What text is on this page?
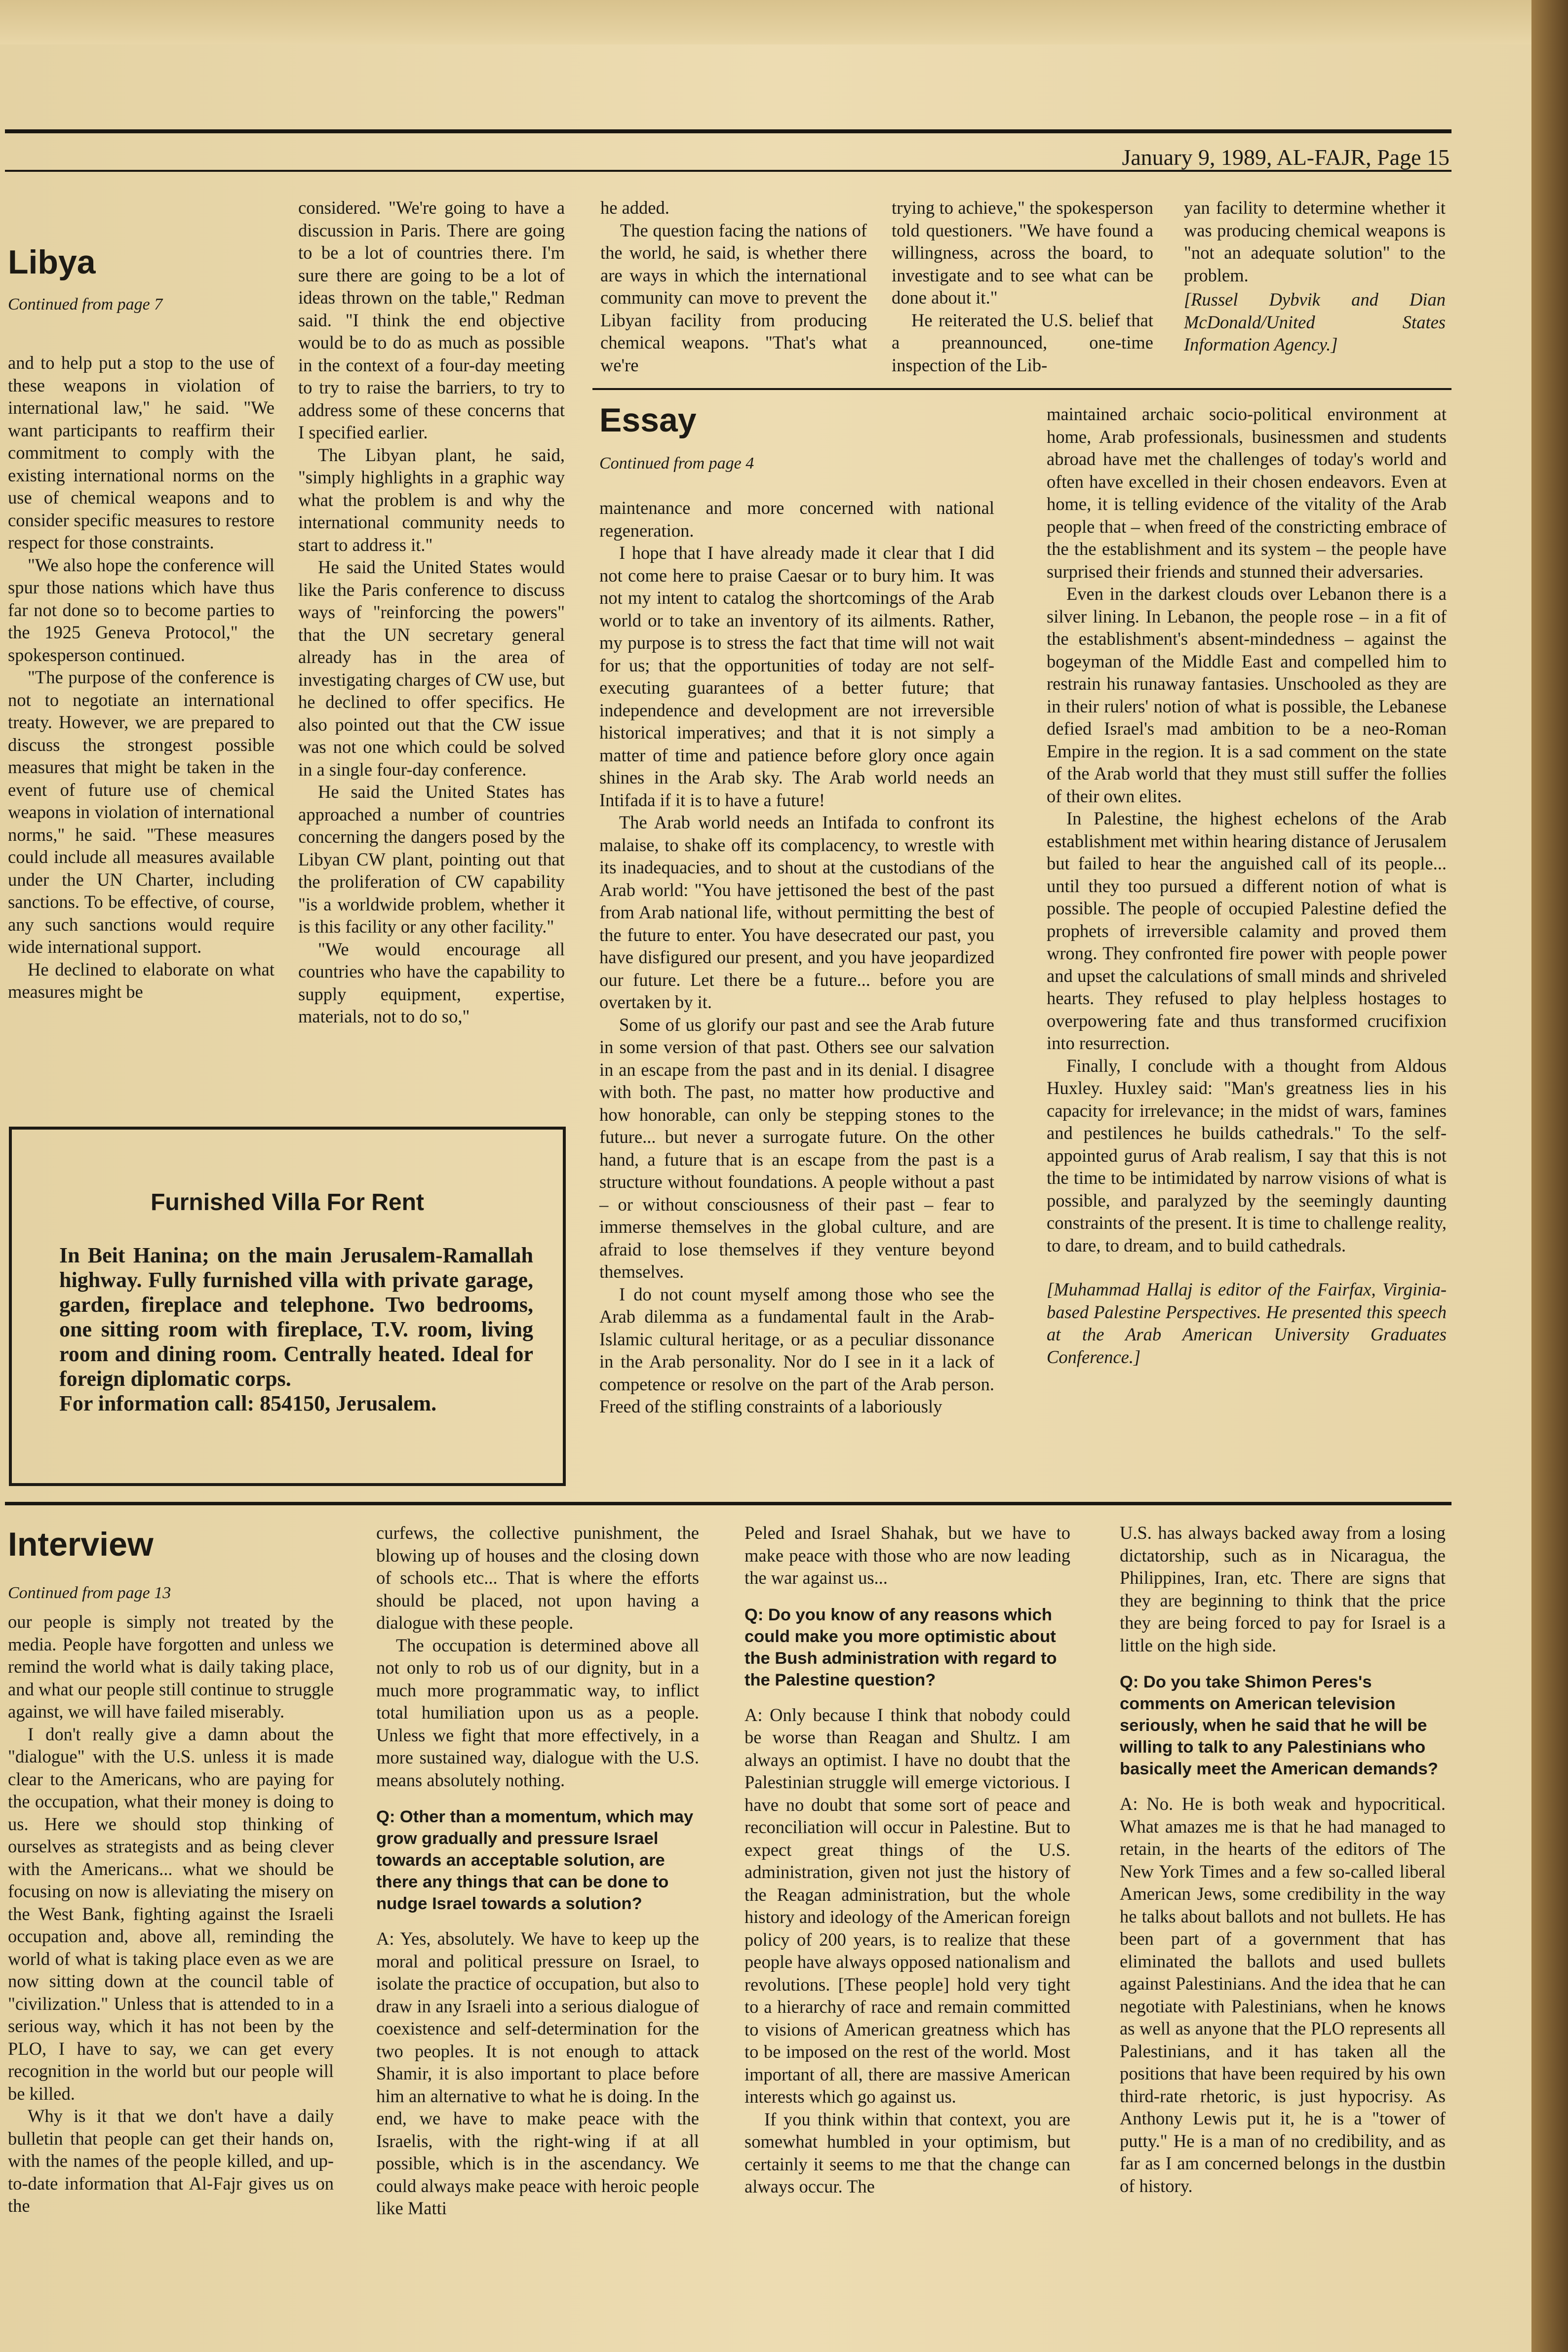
January 9, 1989, AL-FAJR, Page 15
Libya
Continued from page 7

and to help put a stop to the use of these weapons in violation of international law," he said. "We want participants to reaffirm their commitment to comply with the existing international norms on the use of chemical weapons and to consider specific measures to restore respect for those constraints.

"We also hope the conference will spur those nations which have thus far not done so to become parties to the 1925 Geneva Protocol," the spokesperson continued.

"The purpose of the conference is not to negotiate an international treaty. However, we are prepared to discuss the strongest possible measures that might be taken in the event of future use of chemical weapons in violation of international norms," he said. "These measures could include all measures available under the UN Charter, including sanctions. To be effective, of course, any such sanctions would require wide international support.

He declined to elaborate on what measures might be

considered. "We're going to have a discussion in Paris. There are going to be a lot of countries there. I'm sure there are going to be a lot of ideas thrown on the table," Redman said. "I think the end objective would be to do as much as possible in the context of a four-day meeting to try to raise the barriers, to try to address some of these concerns that I specified earlier.

The Libyan plant, he said, "simply highlights in a graphic way what the problem is and why the international community needs to start to address it."

He said the United States would like the Paris conference to discuss ways of "reinforcing the powers" that the UN secretary general already has in the area of investigating charges of CW use, but he declined to offer specifics. He also pointed out that the CW issue was not one which could be solved in a single four-day conference.

He said the United States has approached a number of countries concerning the dangers posed by the Libyan CW plant, pointing out that the proliferation of CW capability "is a worldwide problem, whether it is this facility or any other facility."

"We would encourage all countries who have the capability to supply equipment, expertise, materials, not to do so,"

he added.

The question facing the nations of the world, he said, is whether there are ways in which the international community can move to prevent the Libyan facility from producing chemical weapons. "That's what we're

trying to achieve," the spokesperson told questioners. "We have found a willingness, across the board, to investigate and to see what can be done about it."

He reiterated the U.S. belief that a preannounced, one-time inspection of the Lib-

yan facility to determine whether it was producing chemical weapons is "not an adequate solution" to the problem.

[Russel Dybvik and Dian McDonald/United States Information Agency.]

Furnished Villa For Rent
In Beit Hanina; on the main Jerusalem-Ramallah highway. Fully furnished villa with private garage, garden, fireplace and telephone. Two bedrooms, one sitting room with fireplace, T.V. room, living room and dining room. Centrally heated. Ideal for foreign diplomatic corps.
For information call: 854150, Jerusalem.
Essay
Continued from page 4

maintenance and more concerned with national regeneration.

I hope that I have already made it clear that I did not come here to praise Caesar or to bury him. It was not my intent to catalog the shortcomings of the Arab world or to take an inventory of its ailments. Rather, my purpose is to stress the fact that time will not wait for us; that the opportunities of today are not self-executing guarantees of a better future; that independence and development are not irreversible historical imperatives; and that it is not simply a matter of time and patience before glory once again shines in the Arab sky. The Arab world needs an Intifada if it is to have a future!

The Arab world needs an Intifada to confront its malaise, to shake off its complacency, to wrestle with its inadequacies, and to shout at the custodians of the Arab world: "You have jettisoned the best of the past from Arab national life, without permitting the best of the future to enter. You have desecrated our past, you have disfigured our present, and you have jeopardized our future. Let there be a future... before you are overtaken by it.

Some of us glorify our past and see the Arab future in some version of that past. Others see our salvation in an escape from the past and in its denial. I disagree with both. The past, no matter how productive and how honorable, can only be stepping stones to the future... but never a surrogate future. On the other hand, a future that is an escape from the past is a structure without foundations. A people without a past – or without consciousness of their past – fear to immerse themselves in the global culture, and are afraid to lose themselves if they venture beyond themselves.

I do not count myself among those who see the Arab dilemma as a fundamental fault in the Arab-Islamic cultural heritage, or as a peculiar dissonance in the Arab personality. Nor do I see in it a lack of competence or resolve on the part of the Arab person. Freed of the stifling constraints of a laboriously

maintained archaic socio-political environment at home, Arab professionals, businessmen and students abroad have met the challenges of today's world and often have excelled in their chosen endeavors. Even at home, it is telling evidence of the vitality of the Arab people that – when freed of the constricting embrace of the the establishment and its system – the people have surprised their friends and stunned their adversaries.

Even in the darkest clouds over Lebanon there is a silver lining. In Lebanon, the people rose – in a fit of the establishment's absent-mindedness – against the bogeyman of the Middle East and compelled him to restrain his runaway fantasies. Unschooled as they are in their rulers' notion of what is possible, the Lebanese defied Israel's mad ambition to be a neo-Roman Empire in the region. It is a sad comment on the state of the Arab world that they must still suffer the follies of their own elites.

In Palestine, the highest echelons of the Arab establishment met within hearing distance of Jerusalem but failed to hear the anguished call of its people... until they too pursued a different notion of what is possible. The people of occupied Palestine defied the prophets of irreversible calamity and proved them wrong. They confronted fire power with people power and upset the calculations of small minds and shriveled hearts. They refused to play helpless hostages to overpowering fate and thus transformed crucifixion into resurrection.

Finally, I conclude with a thought from Aldous Huxley. Huxley said: "Man's greatness lies in his capacity for irrelevance; in the midst of wars, famines and pestilences he builds cathedrals." To the self-appointed gurus of Arab realism, I say that this is not the time to be intimidated by narrow visions of what is possible, and paralyzed by the seemingly daunting constraints of the present. It is time to challenge reality, to dare, to dream, and to build cathedrals.

[Muhammad Hallaj is editor of the Fairfax, Virginia-based Palestine Perspectives. He presented this speech at the Arab American University Graduates Conference.]

Interview
Continued from page 13

our people is simply not treated by the media. People have forgotten and unless we remind the world what is daily taking place, and what our people still continue to struggle against, we will have failed miserably.

I don't really give a damn about the "dialogue" with the U.S. unless it is made clear to the Americans, who are paying for the occupation, what their money is doing to us. Here we should stop thinking of ourselves as strategists and as being clever with the Americans... what we should be focusing on now is alleviating the misery on the West Bank, fighting against the Israeli occupation and, above all, reminding the world of what is taking place even as we are now sitting down at the council table of "civilization." Unless that is attended to in a serious way, which it has not been by the PLO, I have to say, we can get every recognition in the world but our people will be killed.

Why is it that we don't have a daily bulletin that people can get their hands on, with the names of the people killed, and up-to-date information that Al-Fajr gives us on the

curfews, the collective punishment, the blowing up of houses and the closing down of schools etc... That is where the efforts should be placed, not upon having a dialogue with these people.

The occupation is determined above all not only to rob us of our dignity, but in a much more programmatic way, to inflict total humiliation upon us as a people. Unless we fight that more effectively, in a more sustained way, dialogue with the U.S. means absolutely nothing.

Q: Other than a momentum, which may grow gradually and pressure Israel towards an acceptable solution, are there any things that can be done to nudge Israel towards a solution?

A: Yes, absolutely. We have to keep up the moral and political pressure on Israel, to isolate the practice of occupation, but also to draw in any Israeli into a serious dialogue of coexistence and self-determination for the two peoples. It is not enough to attack Shamir, it is also important to place before him an alternative to what he is doing. In the end, we have to make peace with the Israelis, with the right-wing if at all possible, which is in the ascendancy. We could always make peace with heroic people like Matti

Peled and Israel Shahak, but we have to make peace with those who are now leading the war against us...

Q: Do you know of any reasons which could make you more optimistic about the Bush administration with regard to the Palestine question?

A: Only because I think that nobody could be worse than Reagan and Shultz. I am always an optimist. I have no doubt that the Palestinian struggle will emerge victorious. I have no doubt that some sort of peace and reconciliation will occur in Palestine. But to expect great things of the U.S. administration, given not just the history of the Reagan administration, but the whole history and ideology of the American foreign policy of 200 years, is to realize that these people have always opposed nationalism and revolutions. [These people] hold very tight to a hierarchy of race and remain committed to visions of American greatness which has to be imposed on the rest of the world. Most important of all, there are massive American interests which go against us.

If you think within that context, you are somewhat humbled in your optimism, but certainly it seems to me that the change can always occur. The

U.S. has always backed away from a losing dictatorship, such as in Nicaragua, the Philippines, Iran, etc. There are signs that they are beginning to think that the price they are being forced to pay for Israel is a little on the high side.

Q: Do you take Shimon Peres's comments on American television seriously, when he said that he will be willing to talk to any Palestinians who basically meet the American demands?

A: No. He is both weak and hypocritical. What amazes me is that he had managed to retain, in the hearts of the editors of The New York Times and a few so-called liberal American Jews, some credibility in the way he talks about ballots and not bullets. He has been part of a government that has eliminated the ballots and used bullets against Palestinians. And the idea that he can negotiate with Palestinians, when he knows as well as anyone that the PLO represents all Palestinians, and it has taken all the positions that have been required by his own third-rate rhetoric, is just hypocrisy. As Anthony Lewis put it, he is a "tower of putty." He is a man of no credibility, and as far as I am concerned belongs in the dustbin of history.
